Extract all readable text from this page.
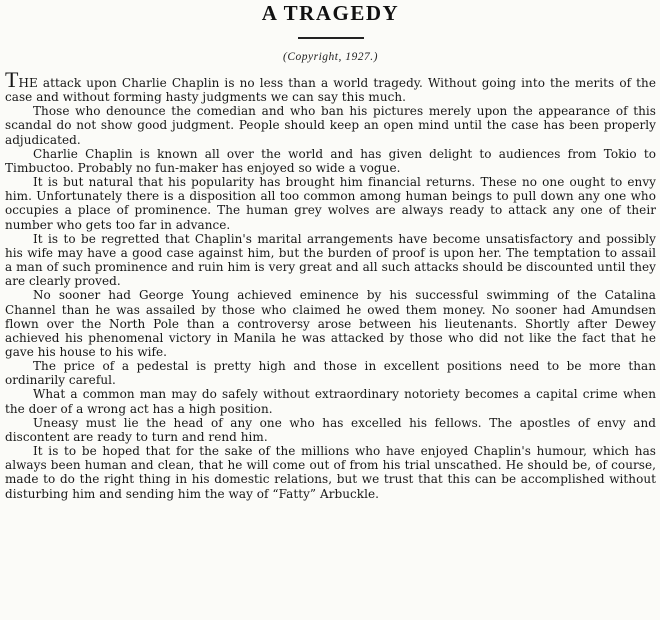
A TRAGEDY
(Copyright, 1927.)

THE attack upon Charlie Chaplin is no less than a world tragedy. Without going into the merits of the case and without forming hasty judgments we can say this much.

Those who denounce the comedian and who ban his pictures merely upon the appearance of this scandal do not show good judgment. People should keep an open mind until the case has been properly adjudicated.

Charlie Chaplin is known all over the world and has given delight to audiences from Tokio to Timbuctoo. Probably no fun-maker has enjoyed so wide a vogue.

It is but natural that his popularity has brought him financial returns. These no one ought to envy him. Unfortunately there is a disposition all too common among human beings to pull down any one who occupies a place of prominence. The human grey wolves are always ready to attack any one of their number who gets too far in advance.

It is to be regretted that Chaplin's marital arrangements have become unsatisfactory and possibly his wife may have a good case against him, but the burden of proof is upon her. The temptation to assail a man of such prominence and ruin him is very great and all such attacks should be discounted until they are clearly proved.

No sooner had George Young achieved eminence by his successful swimming of the Catalina Channel than he was assailed by those who claimed he owed them money. No sooner had Amundsen flown over the North Pole than a controversy arose between his lieutenants. Shortly after Dewey achieved his phenomenal victory in Manila he was attacked by those who did not like the fact that he gave his house to his wife.

The price of a pedestal is pretty high and those in excellent positions need to be more than ordinarily careful.

What a common man may do safely without extraordinary notoriety becomes a capital crime when the doer of a wrong act has a high position.

Uneasy must lie the head of any one who has excelled his fellows. The apostles of envy and discontent are ready to turn and rend him.

It is to be hoped that for the sake of the millions who have enjoyed Chaplin's humour, which has always been human and clean, that he will come out of from his trial unscathed. He should be, of course, made to do the right thing in his domestic relations, but we trust that this can be accomplished without disturbing him and sending him the way of “Fatty” Arbuckle.
